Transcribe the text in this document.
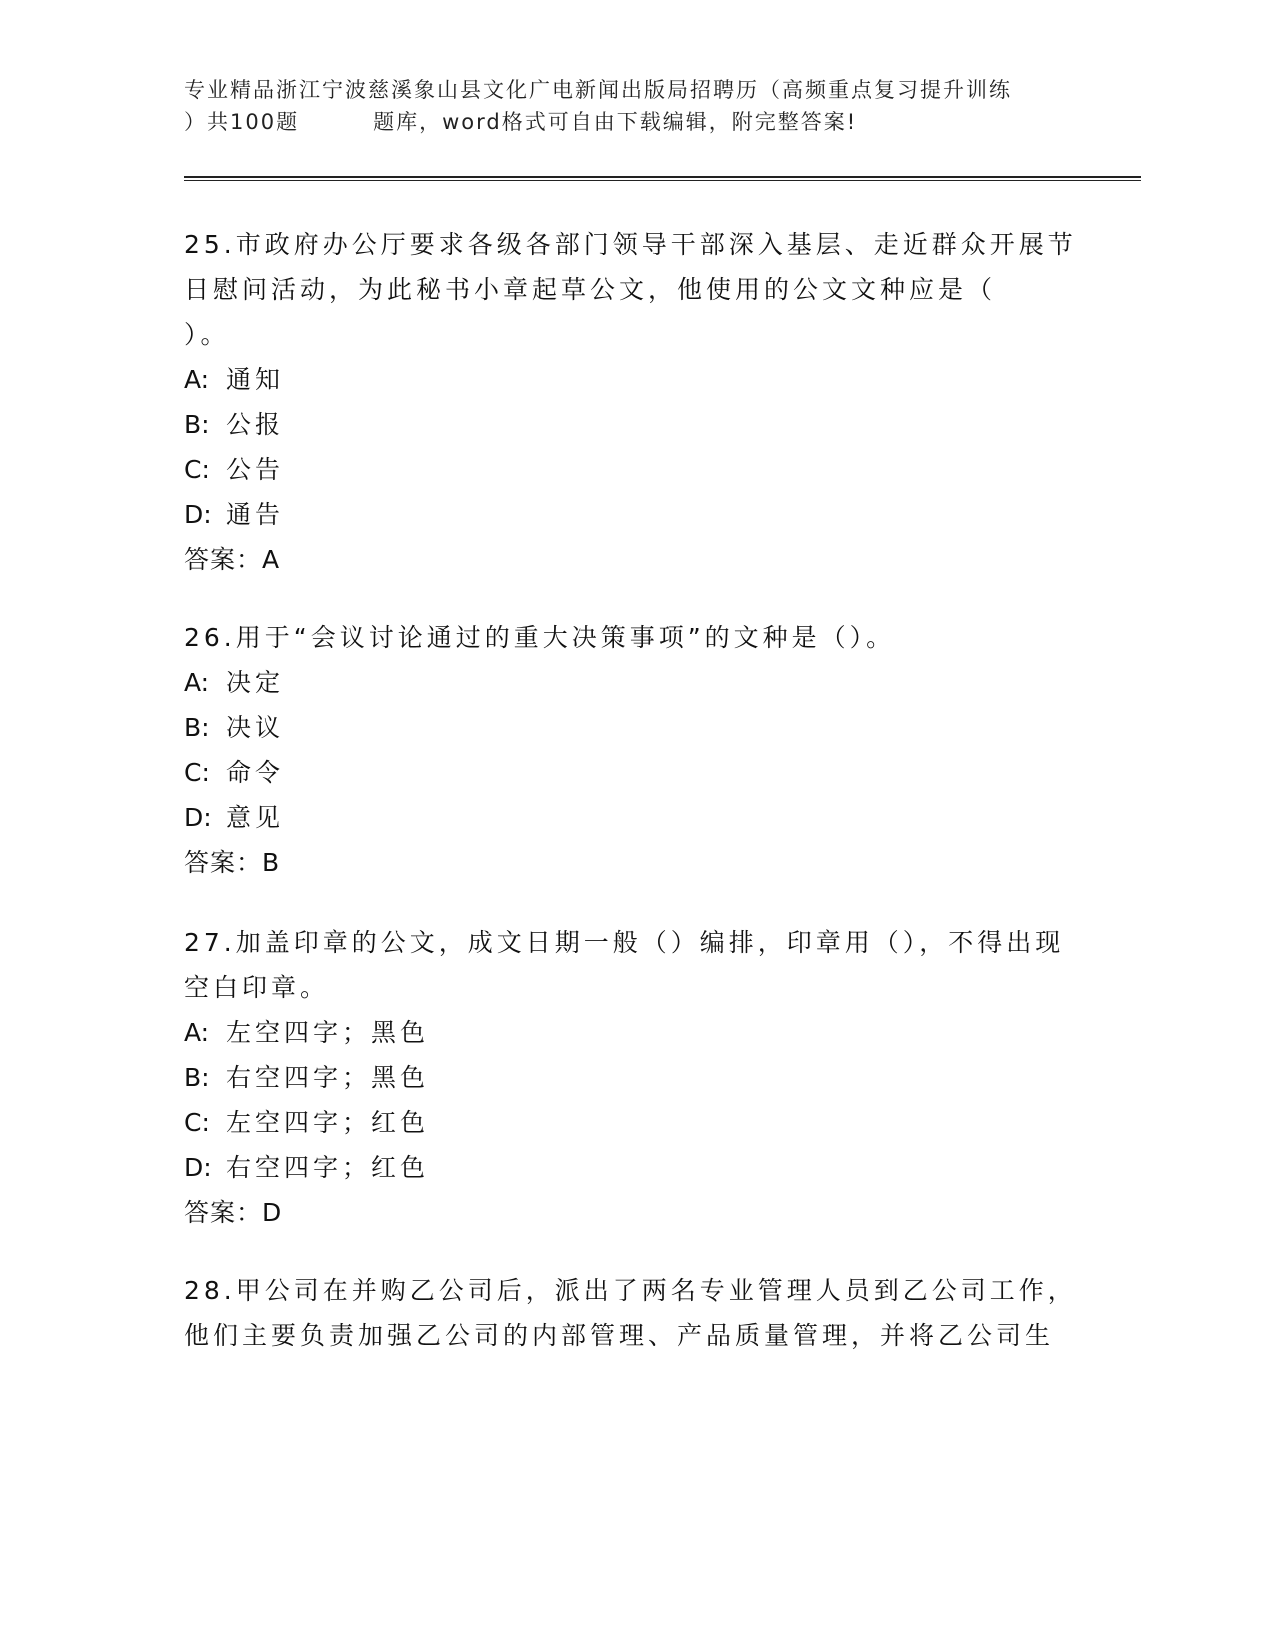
专业精品浙江宁波慈溪象山县文化广电新闻出版局招聘历（高频重点复习提升训练
）共100题	题库，word格式可自由下载编辑，附完整答案!

25.市政府办公厅要求各级各部门领导干部深入基层、走近群众开展节

日慰问活动，为此秘书小章起草公文，他使用的公文文种应是（

）。

A: 通知

B: 公报

C: 公告

D: 通告

答案：A

26.用于“会议讨论通过的重大决策事项”的文种是（）。

A: 决定

B: 决议

C: 命令

D: 意见

答案：B

27.加盖印章的公文，成文日期一般（）编排，印章用（），不得出现

空白印章。

A: 左空四字；黑色

B: 右空四字；黑色

C: 左空四字；红色

D: 右空四字；红色

答案：D

28.甲公司在并购乙公司后，派出了两名专业管理人员到乙公司工作，

他们主要负责加强乙公司的内部管理、产品质量管理，并将乙公司生
